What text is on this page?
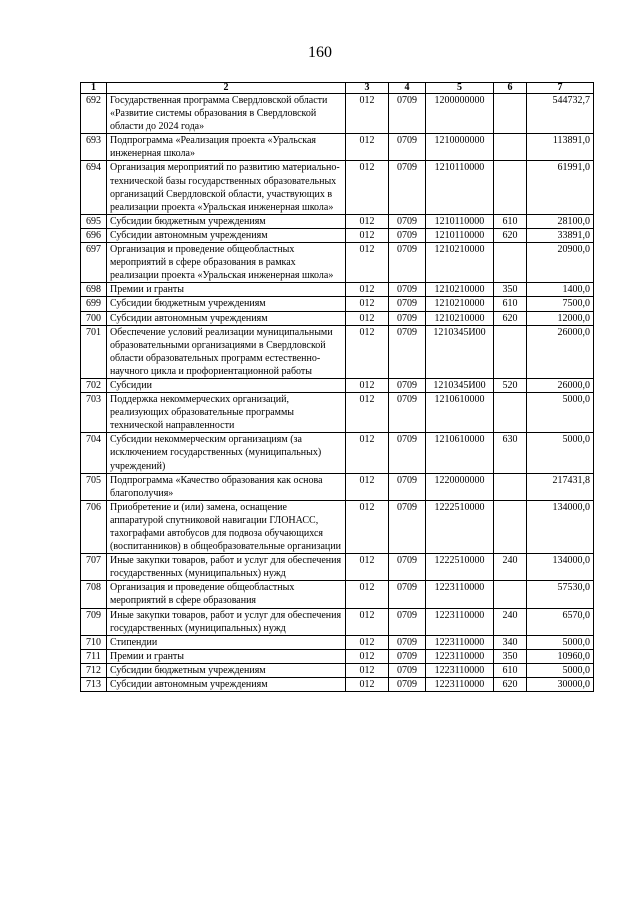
160
1	2	3	4	5	6	7
692	Государственная программа Свердловской области «Развитие системы образования в Свердловской области до 2024 года»	012	0709	1200000000		544732,7
693	Подпрограмма «Реализация проекта «Уральская инженерная школа»	012	0709	1210000000		113891,0
694	Организация мероприятий по развитию материально-технической базы государственных образовательных организаций Свердловской области, участвующих в реализации проекта «Уральская инженерная школа»	012	0709	1210110000		61991,0
695	Субсидии бюджетным учреждениям	012	0709	1210110000	610	28100,0
696	Субсидии автономным учреждениям	012	0709	1210110000	620	33891,0
697	Организация и проведение общеобластных мероприятий в сфере образования в рамках реализации проекта «Уральская инженерная школа»	012	0709	1210210000		20900,0
698	Премии и гранты	012	0709	1210210000	350	1400,0
699	Субсидии бюджетным учреждениям	012	0709	1210210000	610	7500,0
700	Субсидии автономным учреждениям	012	0709	1210210000	620	12000,0
701	Обеспечение условий реализации муниципальными образовательными организациями в Свердловской области образовательных программ естественно-научного цикла и профориентационной работы	012	0709	1210345И00		26000,0
702	Субсидии	012	0709	1210345И00	520	26000,0
703	Поддержка некоммерческих организаций, реализующих образовательные программы технической направленности	012	0709	1210610000		5000,0
704	Субсидии некоммерческим организациям (за исключением государственных (муниципальных) учреждений)	012	0709	1210610000	630	5000,0
705	Подпрограмма «Качество образования как основа благополучия»	012	0709	1220000000		217431,8
706	Приобретение и (или) замена, оснащение аппаратурой спутниковой навигации ГЛОНАСС, тахографами автобусов для подвоза обучающихся (воспитанников) в общеобразовательные организации	012	0709	1222510000		134000,0
707	Иные закупки товаров, работ и услуг для обеспечения государственных (муниципальных) нужд	012	0709	1222510000	240	134000,0
708	Организация и проведение общеобластных мероприятий в сфере образования	012	0709	1223110000		57530,0
709	Иные закупки товаров, работ и услуг для обеспечения государственных (муниципальных) нужд	012	0709	1223110000	240	6570,0
710	Стипендии	012	0709	1223110000	340	5000,0
711	Премии и гранты	012	0709	1223110000	350	10960,0
712	Субсидии бюджетным учреждениям	012	0709	1223110000	610	5000,0
713	Субсидии автономным учреждениям	012	0709	1223110000	620	30000,0
